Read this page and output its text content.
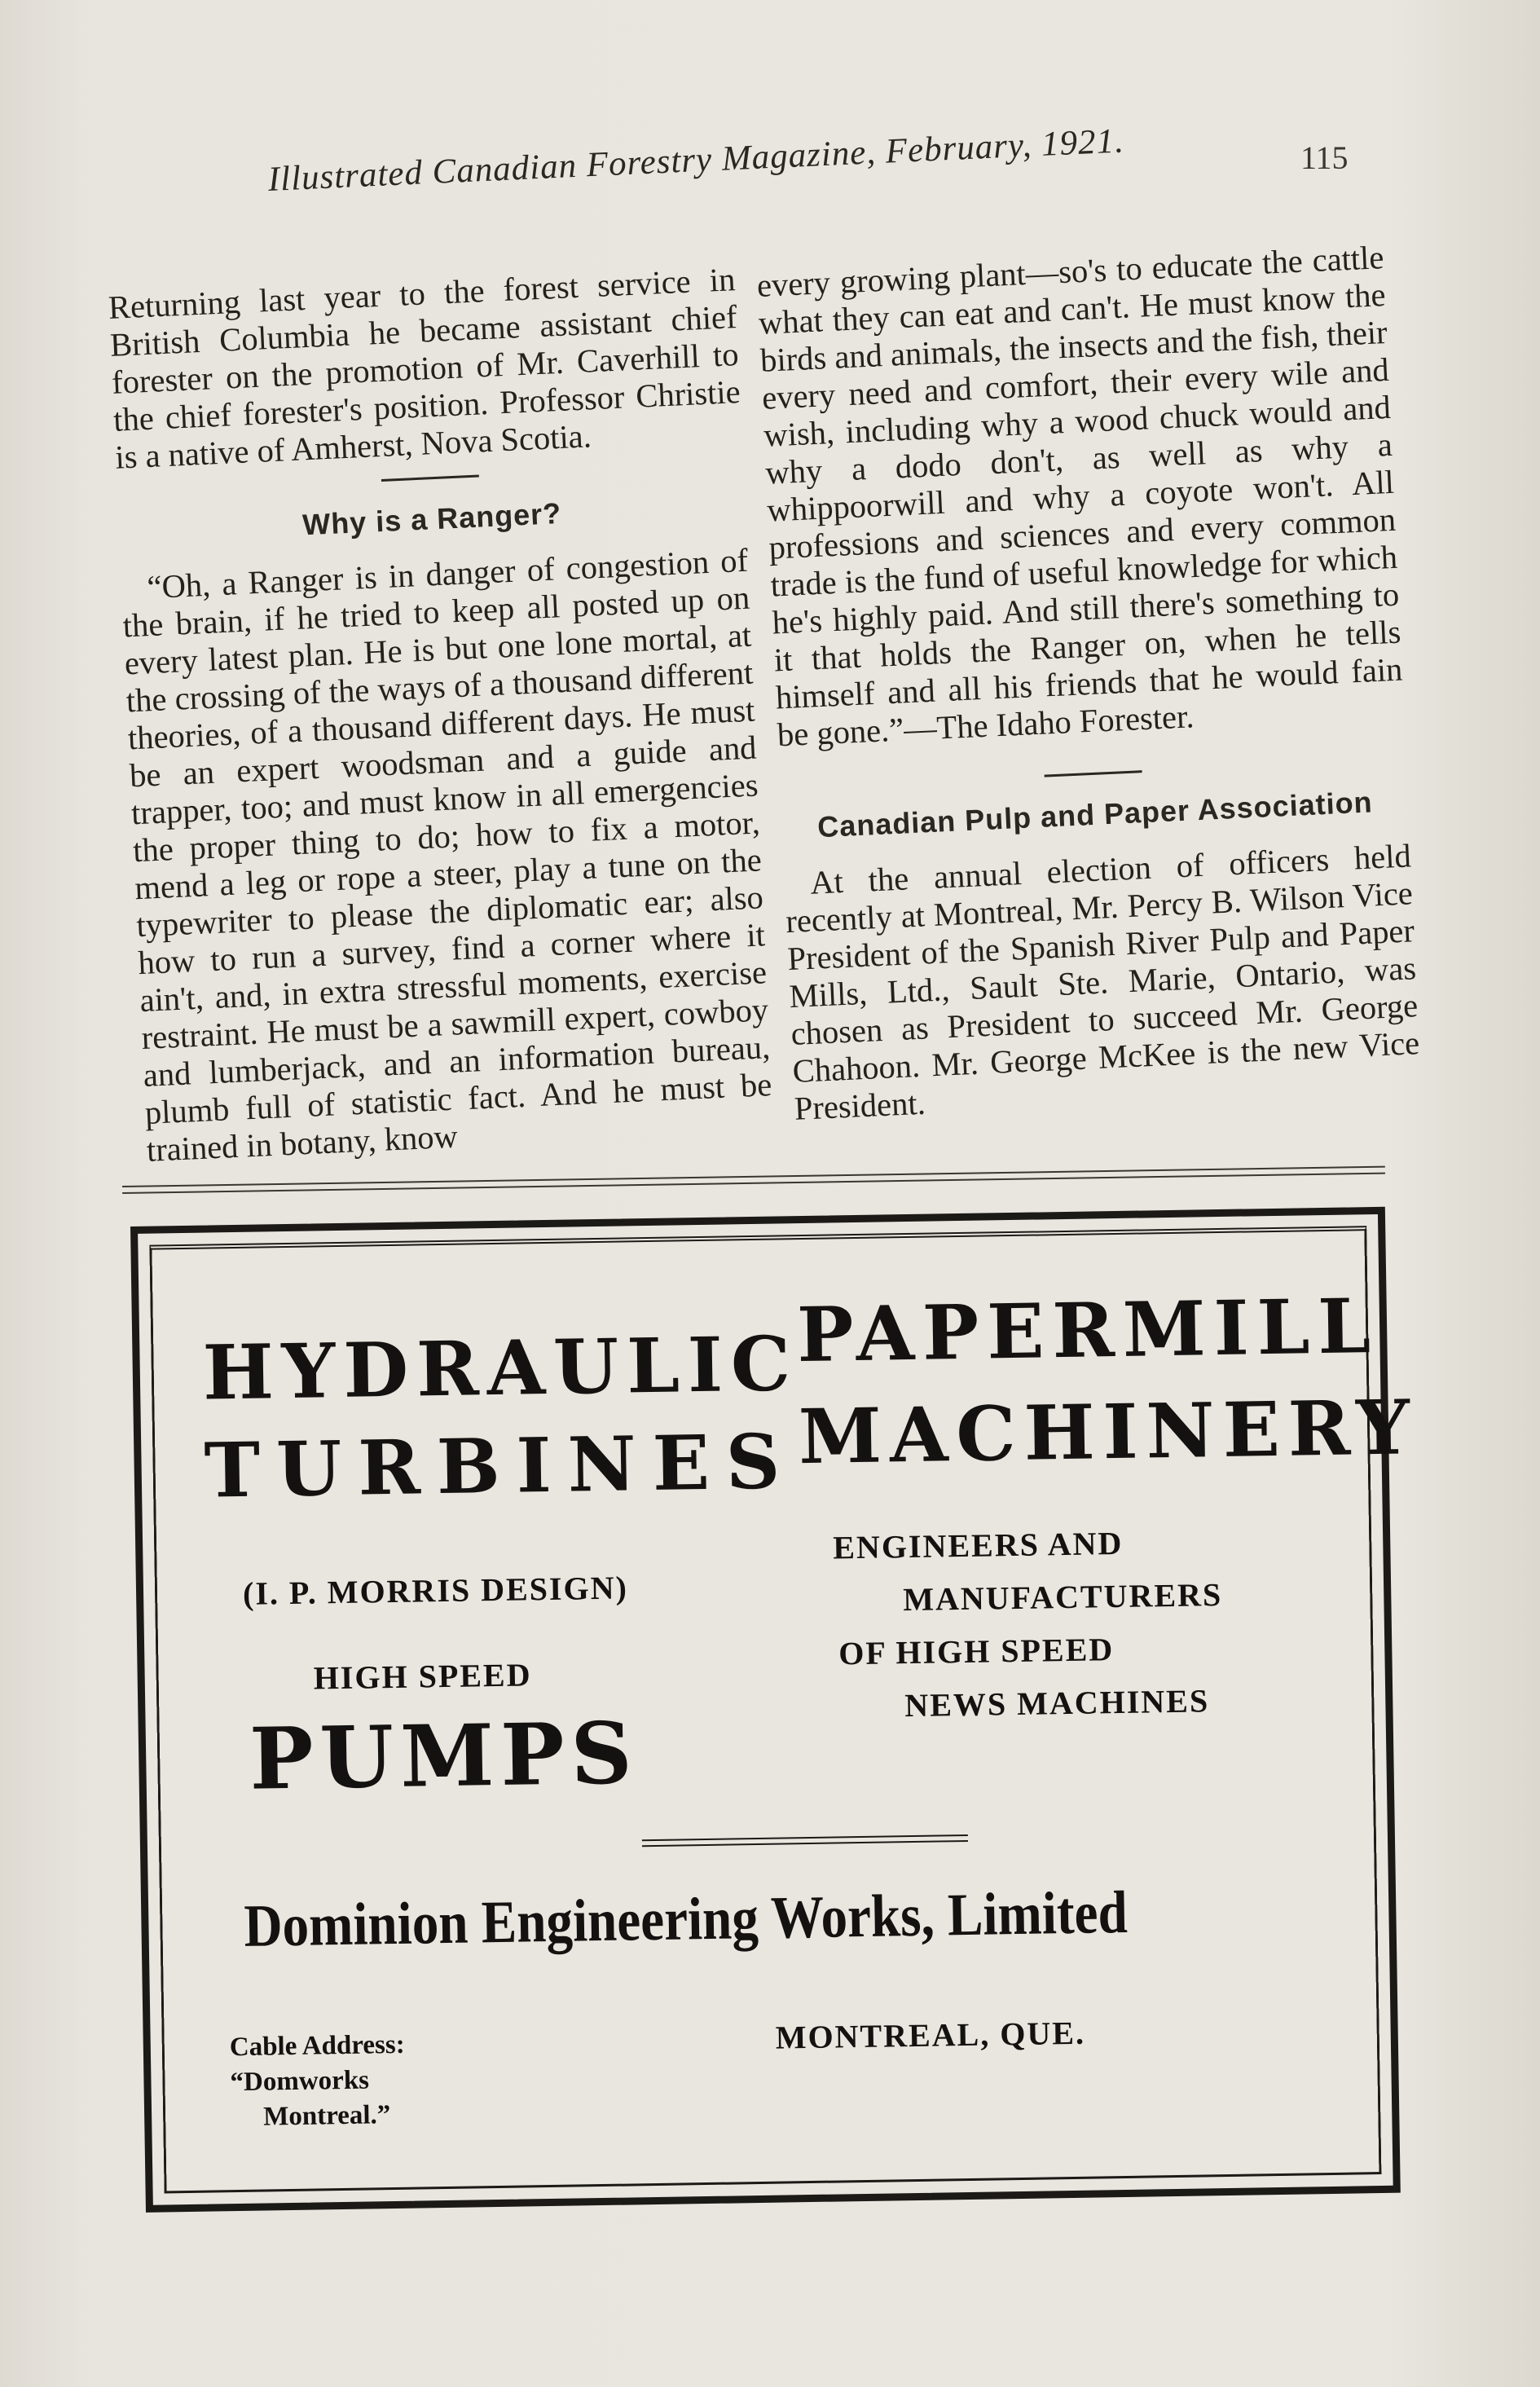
115
Illustrated Canadian Forestry Magazine, February, 1921.

Returning last year to the forest service in British Columbia he became assistant chief forester on the promotion of Mr. Caverhill to the chief forester's position. Professor Christie is a native of Amherst, Nova Scotia.

Why is a Ranger?

“Oh, a Ranger is in danger of congestion of the brain, if he tried to keep all posted up on every latest plan. He is but one lone mortal, at the crossing of the ways of a thousand different theories, of a thousand different days. He must be an expert woodsman and a guide and trapper, too; and must know in all emergencies the proper thing to do; how to fix a motor, mend a leg or rope a steer, play a tune on the typewriter to please the diplomatic ear; also how to run a survey, find a corner where it ain't, and, in extra stressful moments, exercise restraint. He must be a sawmill expert, cowboy and lumberjack, and an information bureau, plumb full of statistic fact. And he must be trained in botany, know

every growing plant—so's to educate the cattle what they can eat and can't. He must know the birds and animals, the insects and the fish, their every need and comfort, their every wile and wish, including why a wood chuck would and why a dodo don't, as well as why a whippoorwill and why a coyote won't. All professions and sciences and every common trade is the fund of useful knowledge for which he's highly paid. And still there's something to it that holds the Ranger on, when he tells himself and all his friends that he would fain be gone.”—The Idaho Forester.

Canadian Pulp and Paper Association

At the annual election of officers held recently at Montreal, Mr. Percy B. Wilson Vice President of the Spanish River Pulp and Paper Mills, Ltd., Sault Ste. Marie, Ontario, was chosen as President to succeed Mr. George Chahoon. Mr. George McKee is the new Vice President.

HYDRAULIC
TURBINES
PAPERMILL
MACHINERY
(I. P. MORRIS DESIGN)
HIGH SPEED
PUMPS
ENGINEERS AND
MANUFACTURERS
OF HIGH SPEED
NEWS MACHINES
Dominion Engineering Works, Limited
Cable Address:
“Domworks
Montreal.”
MONTREAL, QUE.
